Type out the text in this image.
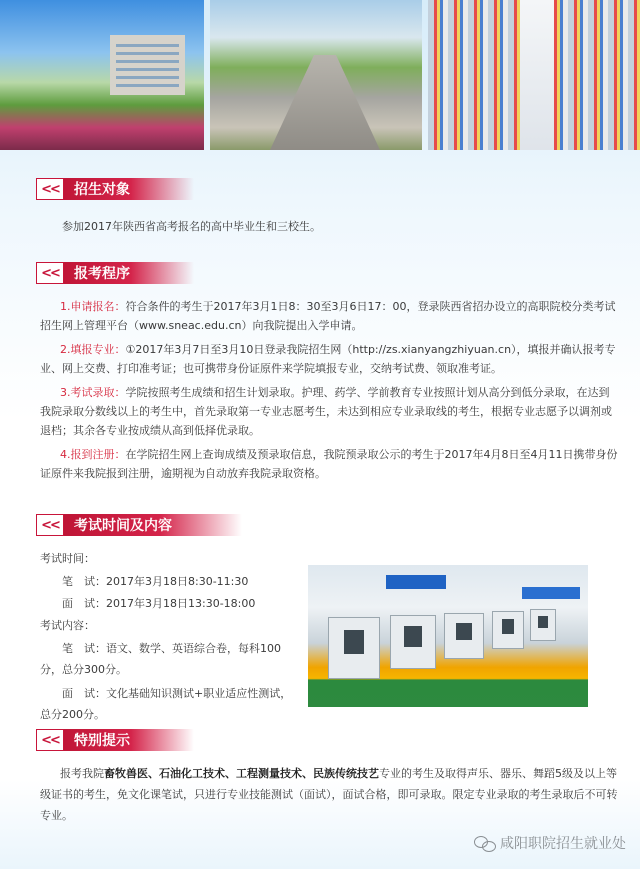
<<	招生对象
参加2017年陕西省高考报名的高中毕业生和三校生。
<<	报考程序
1.申请报名：符合条件的考生于2017年3月1日8：30至3月6日17：00，登录陕西省招办设立的高职院校分类考试招生网上管理平台（www.sneac.edu.cn）向我院提出入学申请。
2.填报专业：①2017年3月7日至3月10日登录我院招生网（http://zs.xianyangzhiyuan.cn），填报并确认报考专业、网上交费、打印准考证；也可携带身份证原件来学院填报专业，交纳考试费、领取准考证。
3.考试录取：学院按照考生成绩和招生计划录取。护理、药学、学前教育专业按照计划从高分到低分录取，在达到我院录取分数线以上的考生中，首先录取第一专业志愿考生，未达到相应专业录取线的考生，根据专业志愿予以调剂或退档；其余各专业按成绩从高到低择优录取。
4.报到注册：在学院招生网上查询成绩及预录取信息，我院预录取公示的考生于2017年4月8日至4月11日携带身份证原件来我院报到注册，逾期视为自动放弃我院录取资格。
<<	考试时间及内容
考试时间：
笔　试：2017年3月18日8:30-11:30
面　试：2017年3月18日13:30-18:00
考试内容：
笔　试：语文、数学、英语综合卷，每科100分，总分300分。
面　试：文化基础知识测试+职业适应性测试，总分200分。
<<	特别提示
报考我院畜牧兽医、石油化工技术、工程测量技术、民族传统技艺专业的考生及取得声乐、器乐、舞蹈5级及以上等级证书的考生，免文化课笔试，只进行专业技能测试（面试），面试合格，即可录取。限定专业录取的考生录取后不可转专业。
咸阳职院招生就业处
